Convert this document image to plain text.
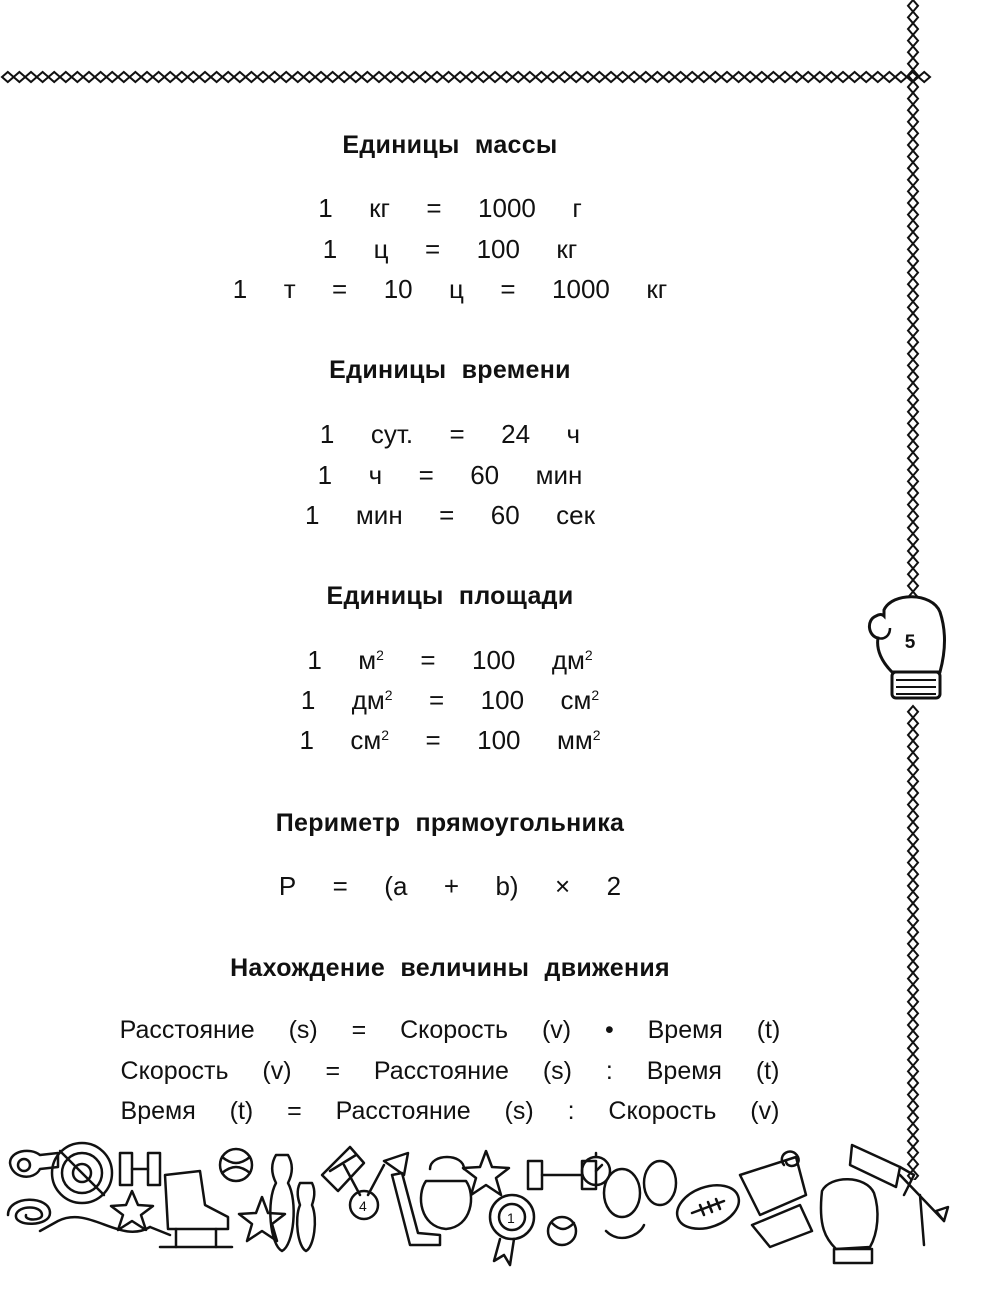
5
Единицы массы
1  кг  =  1000  г
1  ц  =  100  кг
1  т  =  10  ц  =  1000  кг
Единицы времени
1  сут.  =  24  ч
1  ч  =  60  мин
1  мин  =  60  сек
Единицы площади
1  $м^2 = 100$  $дм^2$
1  $дм^2 = 100$  $см^2$
1  $см^2 = 100$  $мм^2$
Периметр прямоугольника
Р  =  (a  +  b)  ×  2
Нахождение величины движения
Расстояние  (s)  =  Скорость  (v)  •  Время  (t)
Скорость  (v)  =  Расстояние  (s)  :  Время  (t)
Время  (t)  =  Расстояние  (s)  :  Скорость  (v)
4
1
